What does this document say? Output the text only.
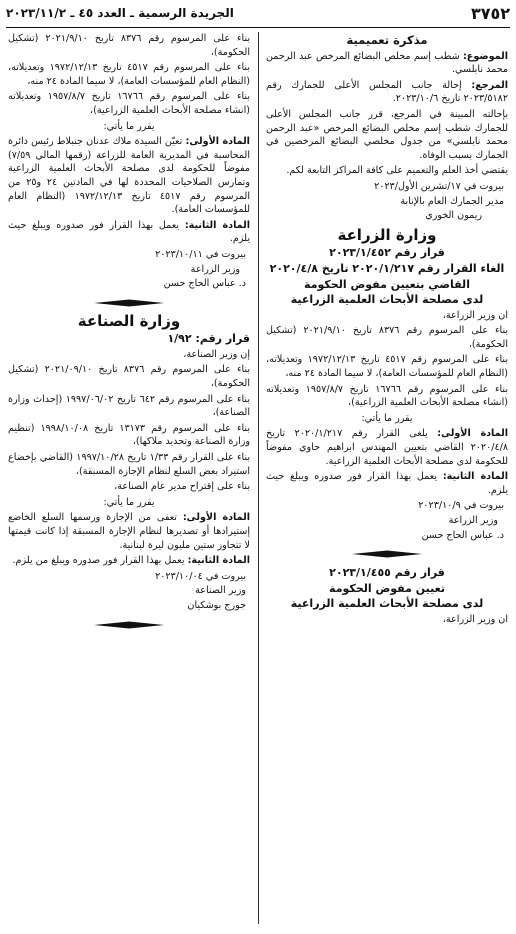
٣٧٥٢
الجريدة الرسمية ـ العدد ٤٥ ـ ٢٠٢٣/١١/٢
مذكرة تعميمية

الموضوع: شطب إسم مخلص البضائع المرخص عبد الرحمن محمد نابلسي.

المرجع: إحالة جانب المجلس الأعلى للجمارك رقم ٢٠٢٣/٥١٨٢ تاريخ ٢٠٢٣/١٠/٦.

بإحالته المبينة في المرجع، قرر جانب المجلس الأعلى للجمارك شطب إسم مخلص البضائع المرخص «عبد الرحمن محمد نابلسي» من جدول مخلصي البضائع المرخصين في الجمارك بسبب الوفاة.

يقتضي أخذ العلم والتعميم على كافة المراكز التابعة لكم.

بيروت في ١٧/تشرين الأول/٢٠٢٣

مدير الجمارك العام بالإنابة

ريمون الخوري

وزارة الزراعة
قرار رقم ٢٠٢٣/١/٤٥٢
الغاء القرار رقم ٢٠٢٠/١/٢١٧ تاريخ ٢٠٢٠/٤/٨
القاضي بتعيين مفوض الحكومة
لدى مصلحة الأبحاث العلمية الزراعية

ان وزير الزراعة،

بناء على المرسوم رقم ٨٣٧٦ تاريخ ٢٠٢١/٩/١٠ (تشكيل الحكومة)،

بناء على المرسوم رقم ٤٥١٧ تاريخ ١٩٧٢/١٢/١٣ وتعديلاته، (النظام العام للمؤسسات العامة)، لا سيما المادة ٢٤ منه،

بناء على المرسوم رقم ١٦٧٦٦ تاريخ ١٩٥٧/٨/٧ وتعديلاته (انشاء مصلحة الأبحاث العلمية الزراعية)،

يقرر ما يأتي:

المادة الأولى: يلغى القرار رقم ٢٠٢٠/١/٢١٧ تاريخ ٢٠٢٠/٤/٨ القاضي بتعيين المهندس ابراهيم حاوي مفوضاً للحكومة لدى مصلحة الأبحاث العلمية الزراعية.

المادة الثانية: يعمل بهذا القرار فور صدوره ويبلغ حيث يلزم.

بيروت في ٢٠٢٣/١٠/٩

وزير الزراعة

د. عباس الحاج حسن

قرار رقم ٢٠٢٣/١/٤٥٥
تعيين مفوض الحكومة
لدى مصلحة الأبحاث العلمية الزراعية

ان وزير الزراعة،

بناء على المرسوم رقم ٨٣٧٦ تاريخ ٢٠٢١/٩/١٠ (تشكيل الحكومة)،

بناء على المرسوم رقم ٤٥١٧ تاريخ ١٩٧٢/١٢/١٣ وتعديلاته، (النظام العام للمؤسسات العامة)، لا سيما المادة ٢٤ منه،

بناء على المرسوم رقم ١٦٧٦٦ تاريخ ١٩٥٧/٨/٧ وتعديلاته (انشاء مصلحة الأبحاث العلمية الزراعية)،

يقرر ما يأتي:

المادة الأولى: تعيّن السيدة ملاك عدنان جنبلاط رئيس دائرة المحاسبة في المديرية العامة للزراعة (رقمها المالي ٧/٥٩) مفوضاً للحكومة لدى مصلحة الأبحاث العلمية الزراعية وتمارس الصلاحيات المحددة لها في المادتين ٢٤ و٢٥ من المرسوم رقم ٤٥١٧ تاريخ ١٩٧٢/١٢/١٣ (النظام العام للمؤسسات العامة).

المادة الثانية: يعمل بهذا القرار فور صدوره ويبلغ حيث يلزم.

بيروت في ٢٠٢٣/١٠/١١

وزير الزراعة

د. عباس الحاج حسن

وزارة الصناعة
قرار رقم: ١/٩٢

إن وزير الصناعة،

بناء على المرسوم رقم ٨٣٧٦ تاريخ ٢٠٢١/٠٩/١٠ (تشكيل الحكومة)،

بناء على المرسوم رقم ٦٤٢ تاريخ ١٩٩٧/٠٦/٠٢ (إحداث وزارة الصناعة)،

بناء على المرسوم رقم ١٣١٧٣ تاريخ ١٩٩٨/١٠/٠٨ (تنظيم وزارة الصناعة وتحديد ملاكها)،

بناء على القرار رقم ١/٣٣ تاريخ ١٩٩٧/١٠/٢٨ (القاضي بإخضاع استيراد بعض السلع لنظام الإجازة المسبقة)،

بناء على إقتراح مدير عام الصناعة،

يقرر ما يأتي:

المادة الأولى: تعفى من الإجازة ورسمها السلع الخاضع إستيرادها أو تصديرها لنظام الإجازة المسبقة إذا كانت قيمتها لا تتجاوز ستين مليون ليرة لبنانية.

المادة الثانية: يعمل بهذا القرار فور صدوره ويبلغ من يلزم.

بيروت في ٢٠٢٣/١٠/٠٤

وزير الصناعة

جورج بوشكيان
